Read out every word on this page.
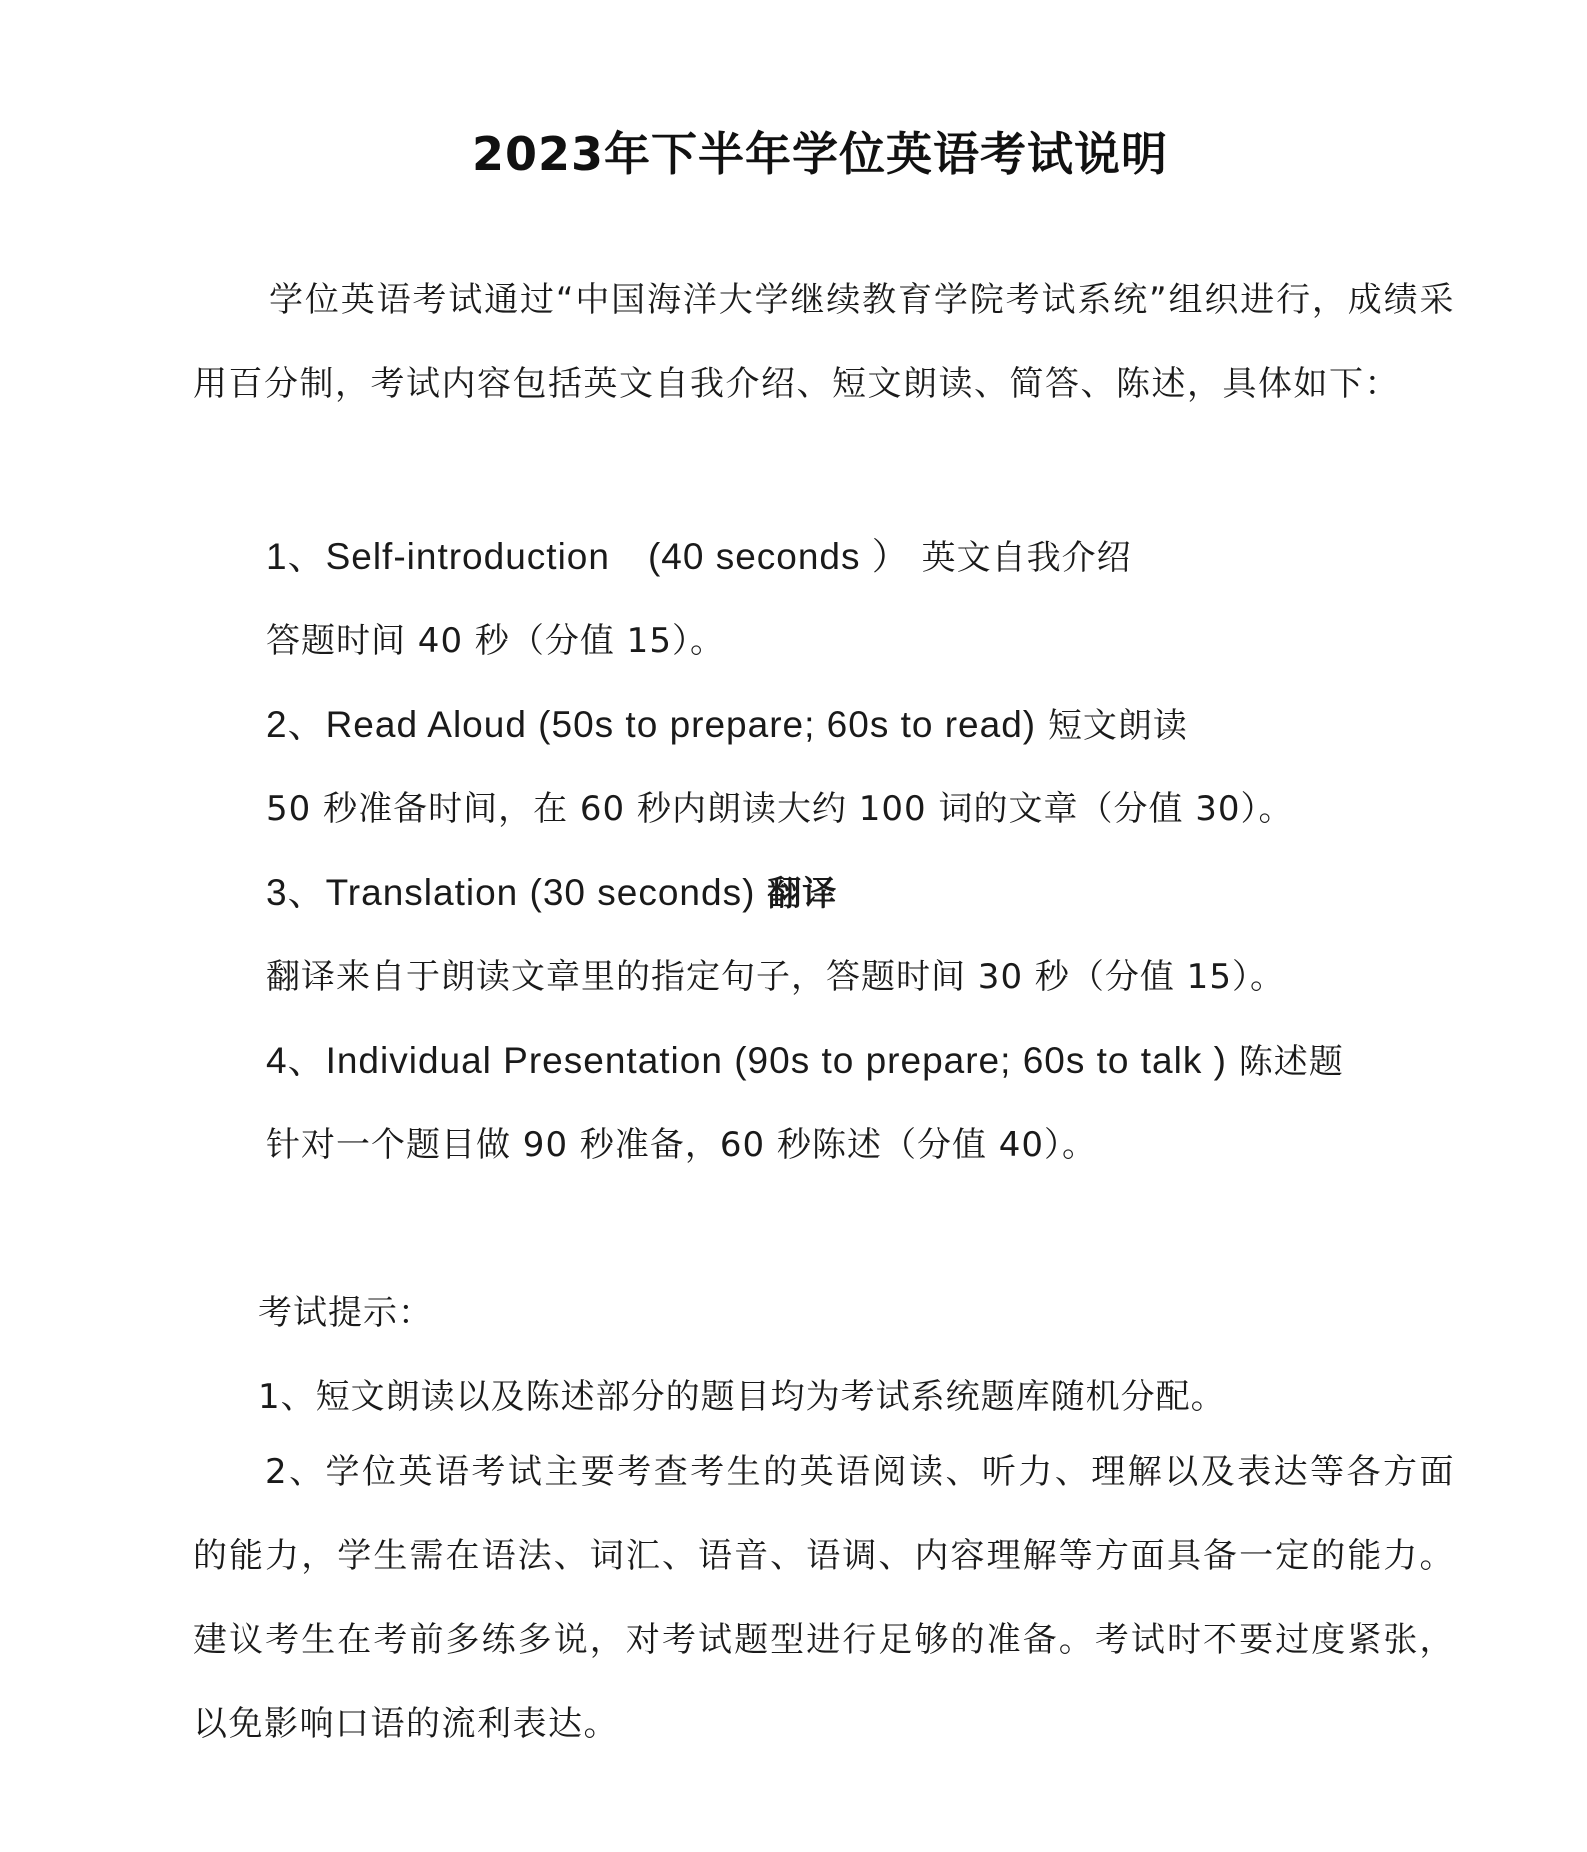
2023年下半年学位英语考试说明
学位英语考试通过“中国海洋大学继续教育学院考试系统”组织进行，成绩采用百分制，考试内容包括英文自我介绍、短文朗读、简答、陈述，具体如下：
1、Self-introduction　(40 seconds ） 英文自我介绍
答题时间 40 秒（分值 15）。
2、Read Aloud (50s to prepare; 60s to read) 短文朗读
50 秒准备时间，在 60 秒内朗读大约 100 词的文章（分值 30）。
3、Translation (30 seconds) 翻译
翻译来自于朗读文章里的指定句子，答题时间 30 秒（分值 15）。
4、Individual Presentation (90s to prepare; 60s to talk ) 陈述题
针对一个题目做 90 秒准备，60 秒陈述（分值 40）。
考试提示：
1、短文朗读以及陈述部分的题目均为考试系统题库随机分配。
2、学位英语考试主要考查考生的英语阅读、听力、理解以及表达等各方面的能力，学生需在语法、词汇、语音、语调、内容理解等方面具备一定的能力。建议考生在考前多练多说，对考试题型进行足够的准备。考试时不要过度紧张，以免影响口语的流利表达。
